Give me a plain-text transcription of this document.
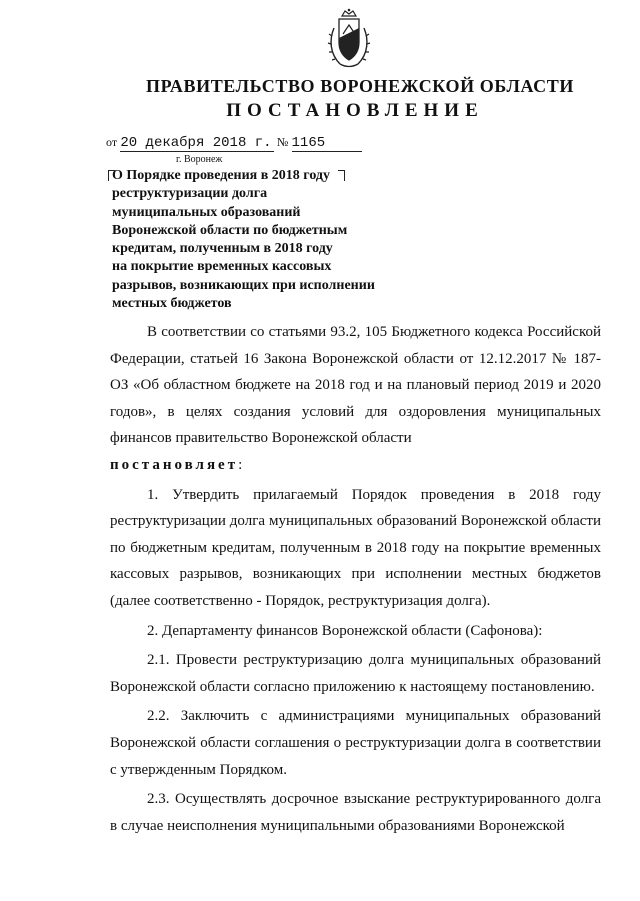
ПРАВИТЕЛЬСТВО ВОРОНЕЖСКОЙ ОБЛАСТИ
ПОСТАНОВЛЕНИЕ
от 20 декабря 2018 г. № 1165
г. Воронеж
О Порядке проведения в 2018 году
реструктуризации долга
муниципальных образований
Воронежской области по бюджетным
кредитам, полученным в 2018 году
на покрытие временных кассовых
разрывов, возникающих при исполнении
местных бюджетов

В соответствии со статьями 93.2, 105 Бюджетного кодекса Российской Федерации, статьей 16 Закона Воронежской области от 12.12.2017 № 187-ОЗ «Об областном бюджете на 2018 год и на плановый период 2019 и 2020 годов», в целях создания условий для оздоровления муниципальных финансов правительство Воронежской области

постановляет:

1. Утвердить прилагаемый Порядок проведения в 2018 году реструктуризации долга муниципальных образований Воронежской области по бюджетным кредитам, полученным в 2018 году на покрытие временных кассовых разрывов, возникающих при исполнении местных бюджетов (далее соответственно - Порядок, реструктуризация долга).

2. Департаменту финансов Воронежской области (Сафонова):

2.1. Провести реструктуризацию долга муниципальных образований Воронежской области согласно приложению к настоящему постановлению.

2.2. Заключить с администрациями муниципальных образований Воронежской области соглашения о реструктуризации долга в соответствии с утвержденным Порядком.

2.3. Осуществлять досрочное взыскание реструктурированного долга в случае неисполнения муниципальными образованиями Воронежской
